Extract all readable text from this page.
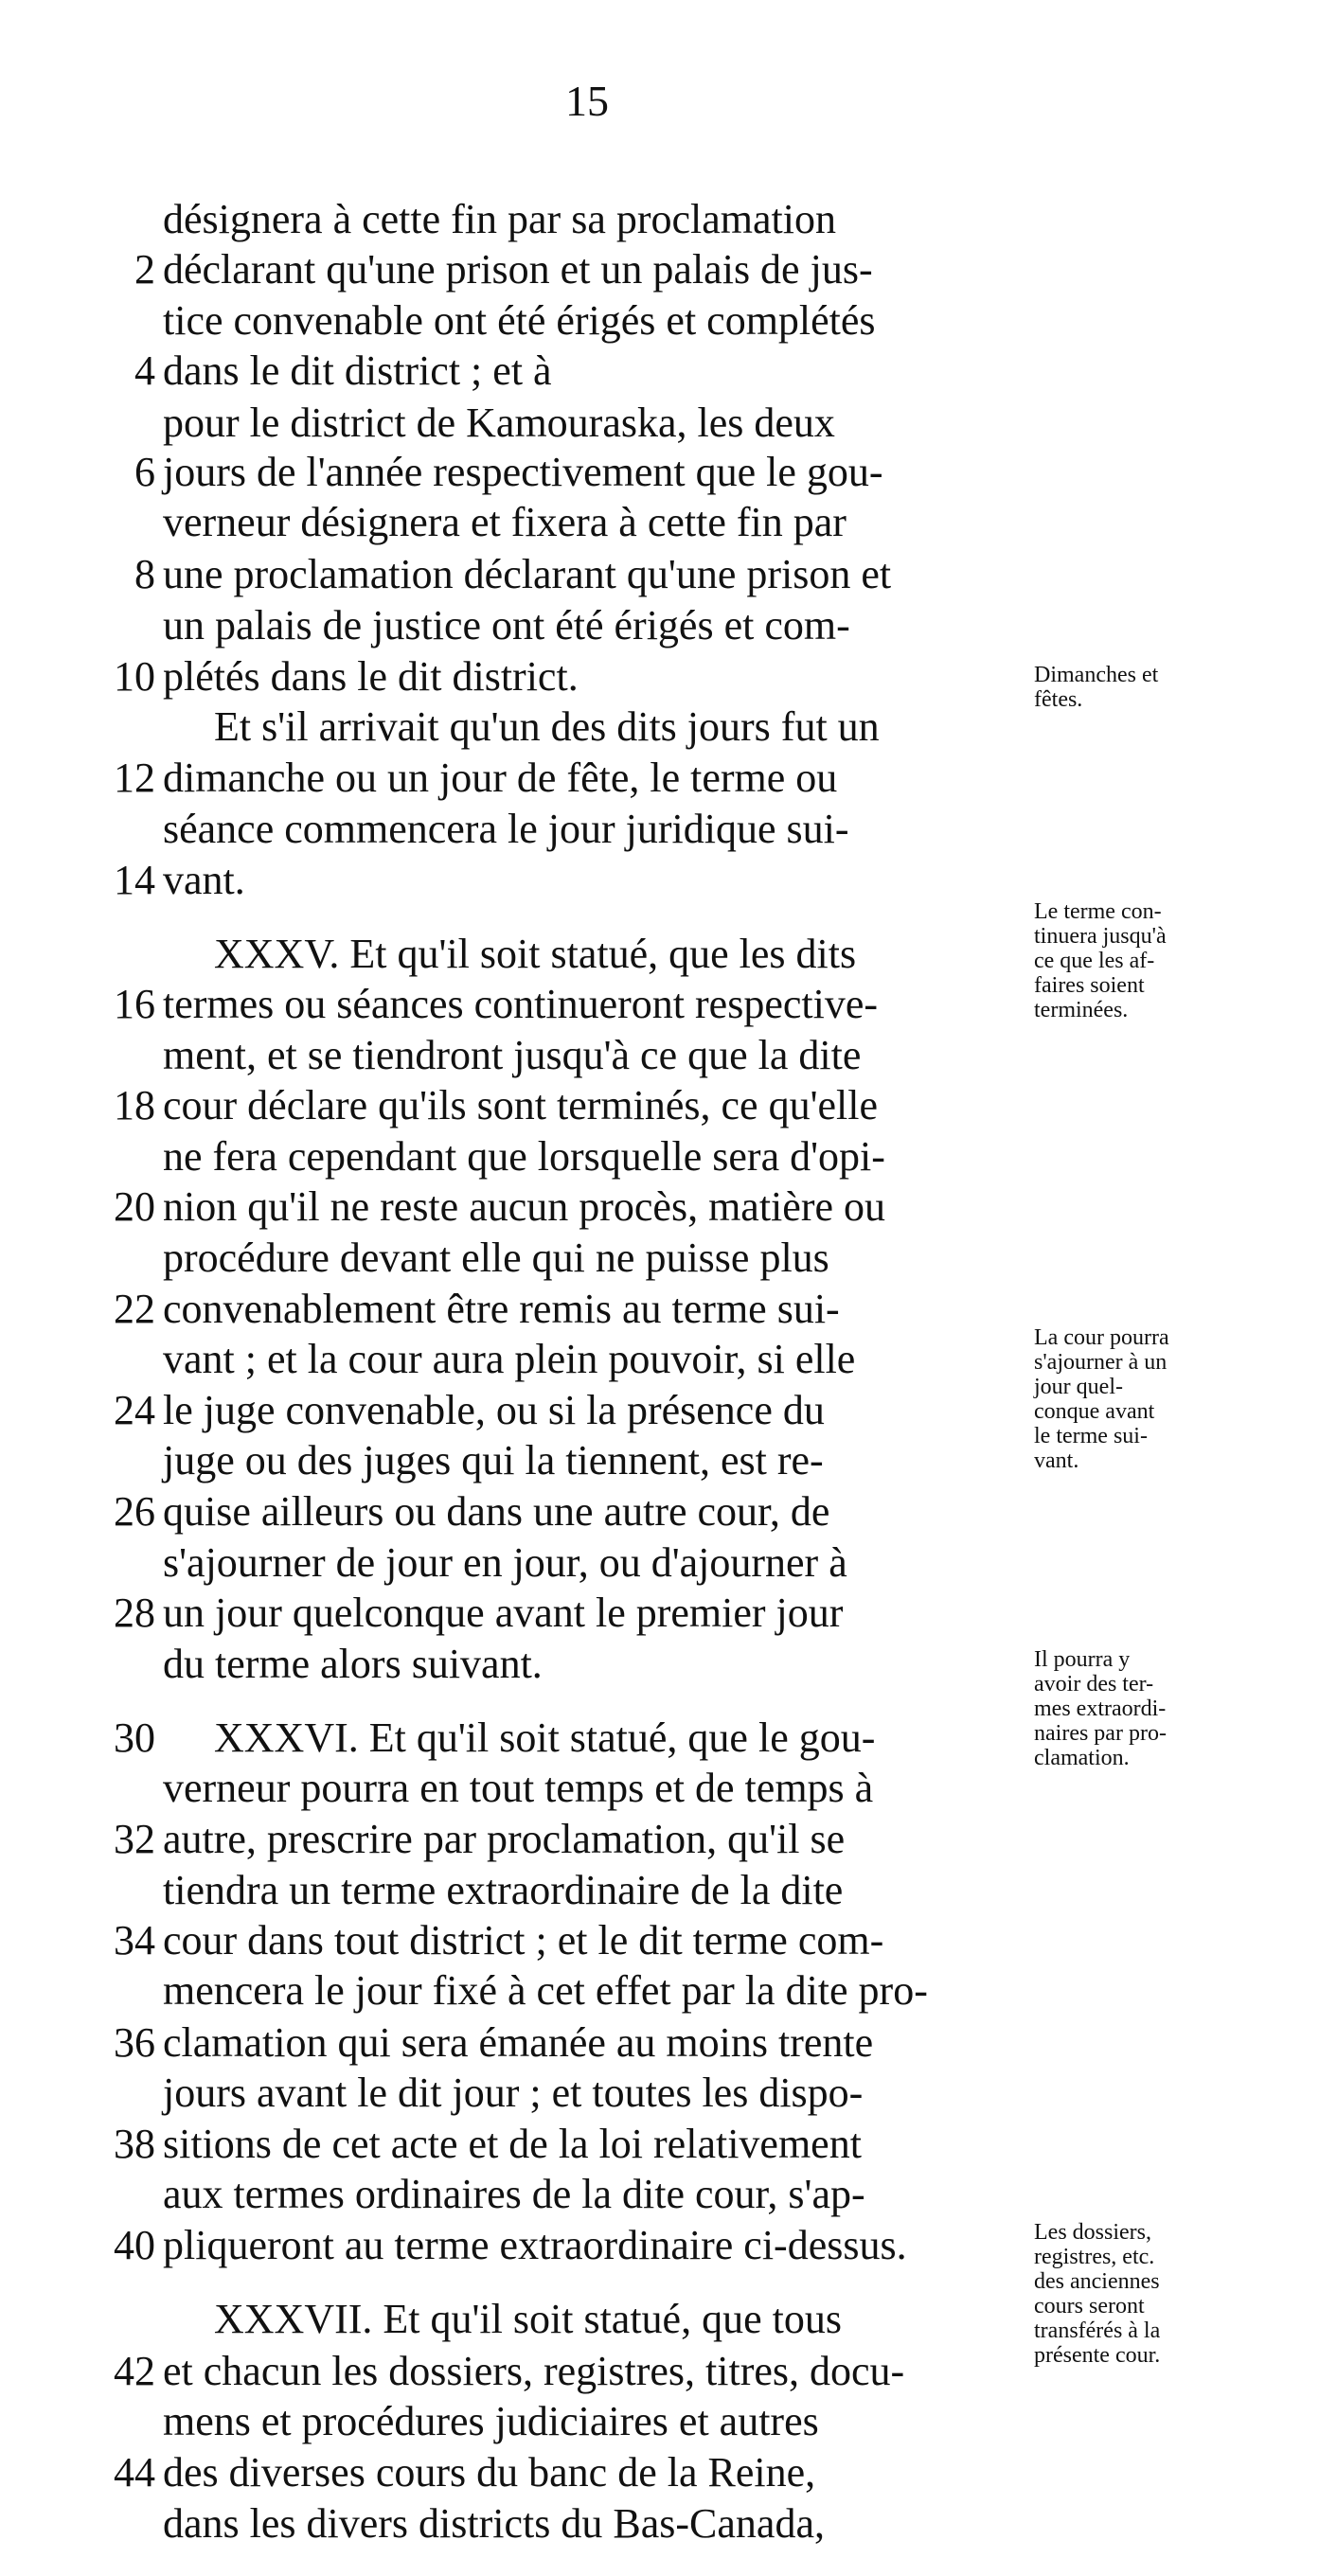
15
désignera à cette fin par sa proclamation
2 déclarant qu'une prison et un palais de jus-
tice convenable ont été érigés et complétés
4 dans le dit district ; et à
pour le district de Kamouraska, les deux
6 jours de l'année respectivement que le gou-
verneur désignera et fixera à cette fin par
8 une proclamation déclarant qu'une prison et
un palais de justice ont été érigés et com-
10 plétés dans le dit district.
Et s'il arrivait qu'un des dits jours fut un
12 dimanche ou un jour de fête, le terme ou
séance commencera le jour juridique sui-
14 vant.
XXXV. Et qu'il soit statué, que les dits
16 termes ou séances continueront respective-
ment, et se tiendront jusqu'à ce que la dite
18 cour déclare qu'ils sont terminés, ce qu'elle
ne fera cependant que lorsquelle sera d'opi-
20 nion qu'il ne reste aucun procès, matière ou
procédure devant elle qui ne puisse plus
22 convenablement être remis au terme sui-
vant ; et la cour aura plein pouvoir, si elle
24 le juge convenable, ou si la présence du
juge ou des juges qui la tiennent, est re-
26 quise ailleurs ou dans une autre cour, de
s'ajourner de jour en jour, ou d'ajourner à
28 un jour quelconque avant le premier jour
du terme alors suivant.
30 XXXVI. Et qu'il soit statué, que le gou-
verneur pourra en tout temps et de temps à
32 autre, prescrire par proclamation, qu'il se
tiendra un terme extraordinaire de la dite
34 cour dans tout district ; et le dit terme com-
mencera le jour fixé à cet effet par la dite pro-
36 clamation qui sera émanée au moins trente
jours avant le dit jour ; et toutes les dispo-
38 sitions de cet acte et de la loi relativement
aux termes ordinaires de la dite cour, s'ap-
40 pliqueront au terme extraordinaire ci-dessus.
XXXVII. Et qu'il soit statué, que tous
42 et chacun les dossiers, registres, titres, docu-
mens et procédures judiciaires et autres
44 des diverses cours du banc de la Reine,
dans les divers districts du Bas-Canada,
Dimanches et
fêtes.
Le terme con-
tinuera jusqu'à
ce que les af-
faires soient
terminées.
La cour pourra
s'ajourner à un
jour quel-
conque avant
le terme sui-
vant.
Il pourra y
avoir des ter-
mes extraordi-
naires par pro-
clamation.
Les dossiers,
registres, etc.
des anciennes
cours seront
transférés à la
présente cour.
